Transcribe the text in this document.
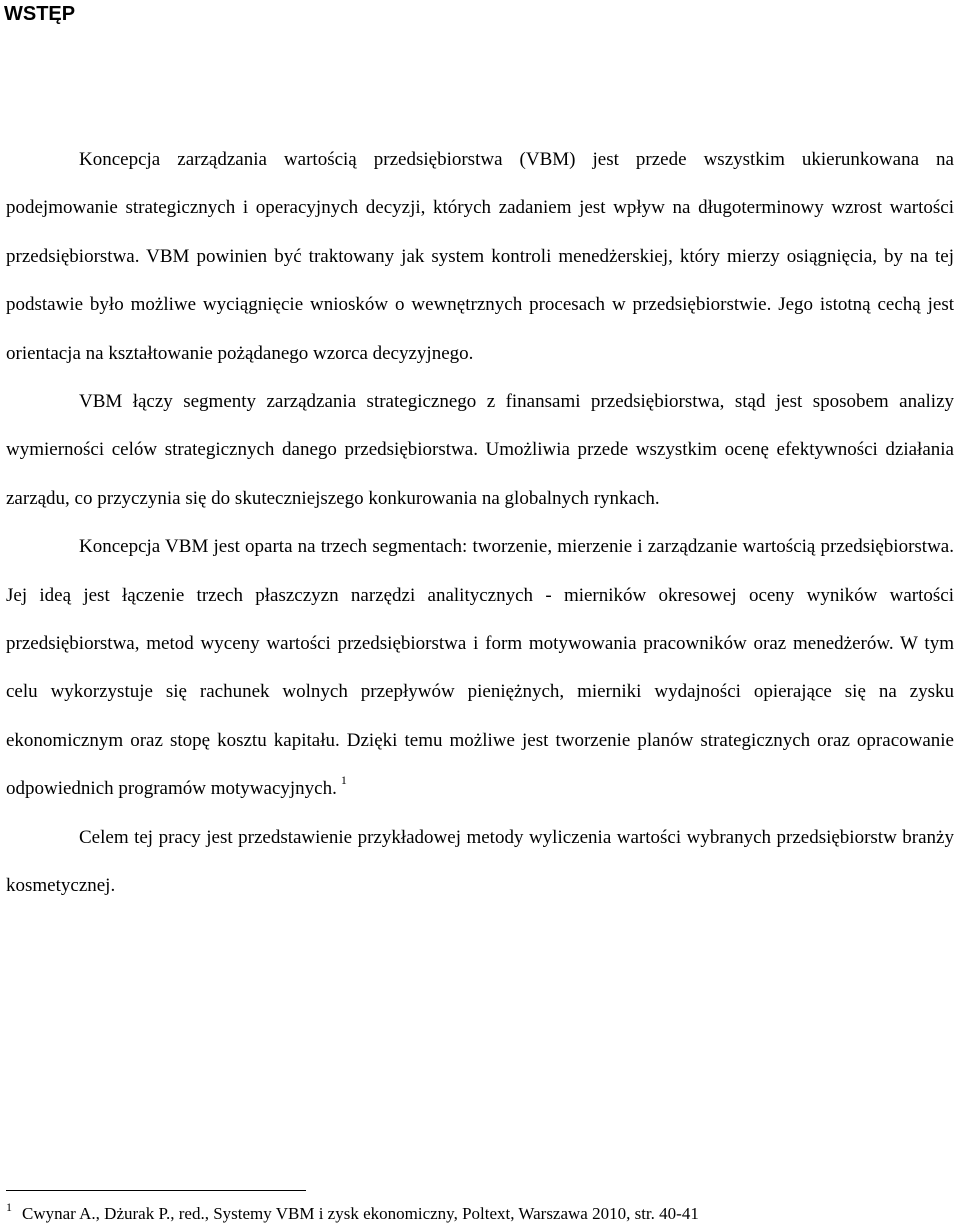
WSTĘP

Koncepcja zarządzania wartością przedsiębiorstwa (VBM) jest przede wszystkim ukierunkowana na podejmowanie strategicznych i operacyjnych decyzji, których zadaniem jest wpływ na długoterminowy wzrost wartości przedsiębiorstwa. VBM powinien być traktowany jak system kontroli menedżerskiej, który mierzy osiągnięcia, by na tej podstawie było możliwe wyciągnięcie wniosków o wewnętrznych procesach w przedsiębiorstwie. Jego istotną cechą jest orientacja na kształtowanie pożądanego wzorca decyzyjnego.

VBM łączy segmenty zarządzania strategicznego z finansami przedsiębiorstwa, stąd jest sposobem analizy wymierności celów strategicznych danego przedsiębiorstwa. Umożliwia przede wszystkim ocenę efektywności działania zarządu, co przyczynia się do skuteczniejszego konkurowania na globalnych rynkach.

Koncepcja VBM jest oparta na trzech segmentach: tworzenie, mierzenie i zarządzanie wartością przedsiębiorstwa. Jej ideą jest łączenie trzech płaszczyzn narzędzi analitycznych - mierników okresowej oceny wyników wartości przedsiębiorstwa, metod wyceny wartości przedsiębiorstwa i form motywowania pracowników oraz menedżerów. W tym celu wykorzystuje się rachunek wolnych przepływów pieniężnych, mierniki wydajności opierające się na zysku ekonomicznym oraz stopę kosztu kapitału. Dzięki temu możliwe jest tworzenie planów strategicznych oraz opracowanie odpowiednich programów motywacyjnych. $^1$

Celem tej pracy jest przedstawienie przykładowej metody wyliczenia wartości wybranych przedsiębiorstw branży kosmetycznej.

$^1$ Cwynar A., Dżurak P., red., Systemy VBM i zysk ekonomiczny, Poltext, Warszawa 2010, str. 40-41
